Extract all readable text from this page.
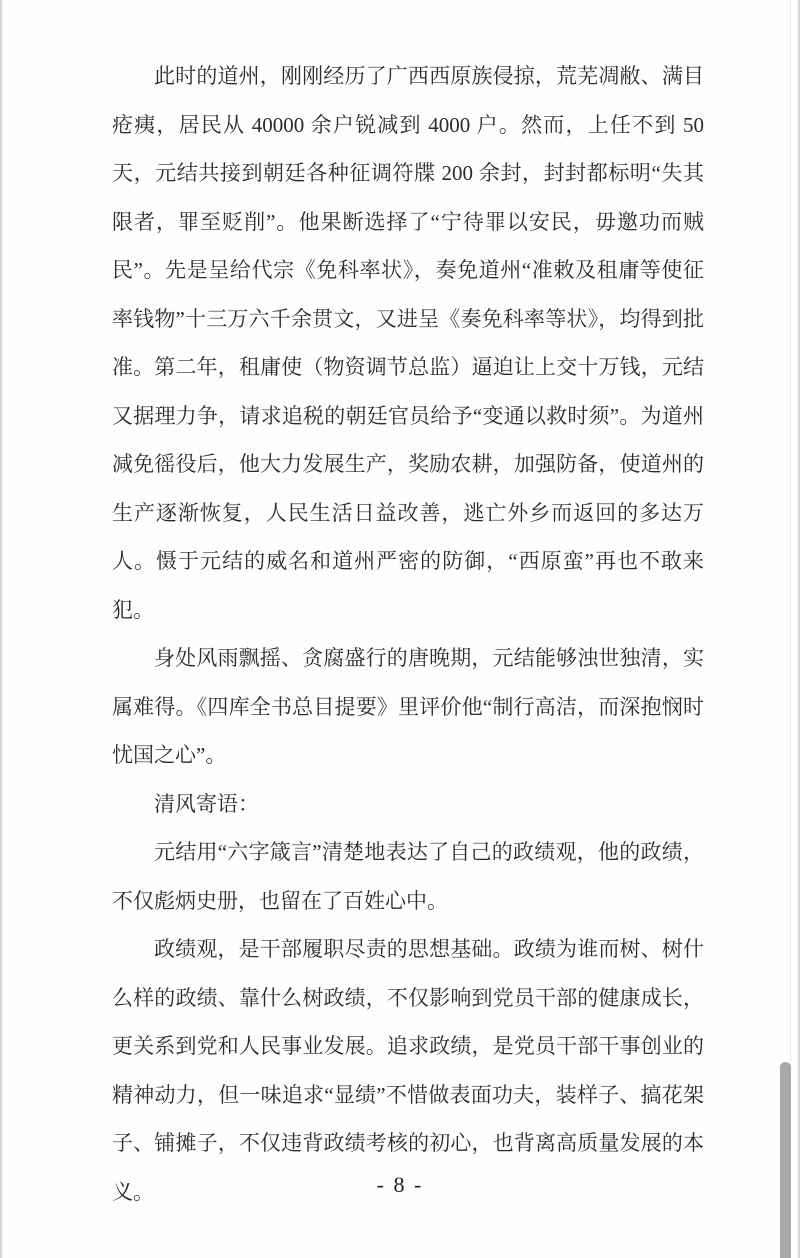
此时的道州，刚刚经历了广西西原族侵掠，荒芜凋敝、满目疮痍，居民从 40000 余户锐减到 4000 户。然而，上任不到 50 天，元结共接到朝廷各种征调符牒 200 余封，封封都标明“失其限者，罪至贬削”。他果断选择了“宁待罪以安民，毋邀功而贼民”。先是呈给代宗《免科率状》，奏免道州“准敕及租庸等使征率钱物”十三万六千余贯文，又进呈《奏免科率等状》，均得到批准。第二年，租庸使（物资调节总监）逼迫让上交十万钱，元结又据理力争，请求追税的朝廷官员给予“变通以救时须”。为道州减免徭役后，他大力发展生产，奖励农耕，加强防备，使道州的生产逐渐恢复，人民生活日益改善，逃亡外乡而返回的多达万人。慑于元结的威名和道州严密的防御，“西原蛮”再也不敢来犯。

身处风雨飘摇、贪腐盛行的唐晚期，元结能够浊世独清，实属难得。《四库全书总目提要》里评价他“制行高洁，而深抱悯时忧国之心”。

清风寄语：

元结用“六字箴言”清楚地表达了自己的政绩观，他的政绩，不仅彪炳史册，也留在了百姓心中。

政绩观，是干部履职尽责的思想基础。政绩为谁而树、树什么样的政绩、靠什么树政绩，不仅影响到党员干部的健康成长，更关系到党和人民事业发展。追求政绩，是党员干部干事创业的精神动力，但一味追求“显绩”不惜做表面功夫，装样子、搞花架子、铺摊子，不仅违背政绩考核的初心，也背离高质量发展的本义。	- 8 -
